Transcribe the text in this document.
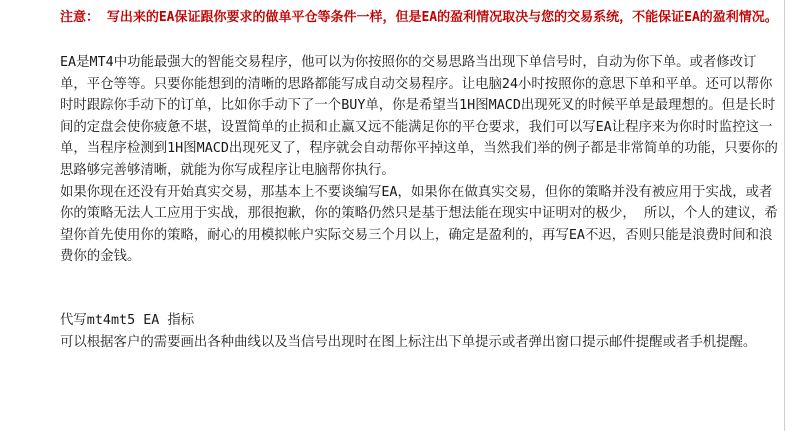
注意： 写出来的EA保证跟你要求的做单平仓等条件一样，但是EA的盈利情况取决与您的交易系统，不能保证EA的盈利情况。

EA是MT4中功能最强大的智能交易程序，他可以为你按照你的交易思路当出现下单信号时，自动为你下单。或者修改订单，平仓等等。只要你能想到的清晰的思路都能写成自动交易程序。让电脑24小时按照你的意思下单和平单。还可以帮你时时跟踪你手动下的订单，比如你手动下了一个BUY单，你是希望当1H图MACD出现死叉的时候平单是最理想的。但是长时间的定盘会使你疲惫不堪，设置简单的止损和止赢又远不能满足你的平仓要求，我们可以写EA让程序来为你时时监控这一单，当程序检测到1H图MACD出现死叉了，程序就会自动帮你平掉这单，当然我们举的例子都是非常简单的功能，只要你的思路够完善够清晰，就能为你写成程序让电脑帮你执行。
如果你现在还没有开始真实交易，那基本上不要谈编写EA，如果你在做真实交易，但你的策略并没有被应用于实战，或者你的策略无法人工应用于实战，那很抱歉，你的策略仍然只是基于想法能在现实中证明对的极少， 所以，个人的建议，希望你首先使用你的策略，耐心的用模拟帐户实际交易三个月以上，确定是盈利的，再写EA不迟，否则只能是浪费时间和浪费你的金钱。
代写mt4mt5 EA 指标
可以根据客户的需要画出各种曲线以及当信号出现时在图上标注出下单提示或者弹出窗口提示邮件提醒或者手机提醒。
